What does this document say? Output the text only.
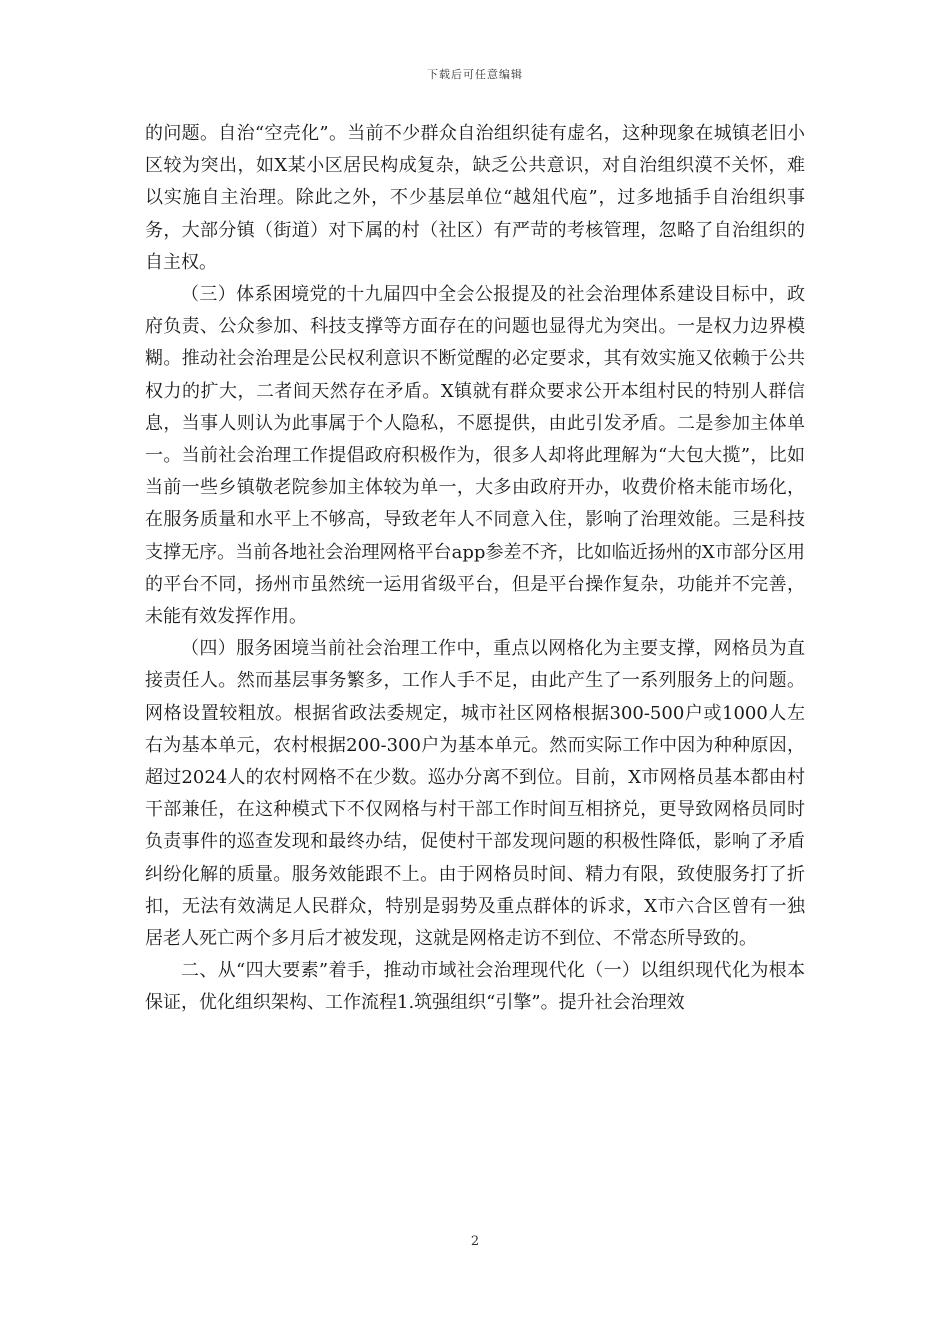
下载后可任意编辑

的问题。自治“空壳化”。当前不少群众自治组织徒有虚名，这种现象在城镇老旧小区较为突出，如X某小区居民构成复杂，缺乏公共意识，对自治组织漠不关怀，难以实施自主治理。除此之外，不少基层单位“越俎代庖”，过多地插手自治组织事务，大部分镇（街道）对下属的村（社区）有严苛的考核管理，忽略了自治组织的自主权。

（三）体系困境党的十九届四中全会公报提及的社会治理体系建设目标中，政府负责、公众参加、科技支撑等方面存在的问题也显得尤为突出。一是权力边界模糊。推动社会治理是公民权利意识不断觉醒的必定要求，其有效实施又依赖于公共权力的扩大，二者间天然存在矛盾。X镇就有群众要求公开本组村民的特别人群信息，当事人则认为此事属于个人隐私，不愿提供，由此引发矛盾。二是参加主体单一。当前社会治理工作提倡政府积极作为，很多人却将此理解为“大包大揽”，比如当前一些乡镇敬老院参加主体较为单一，大多由政府开办，收费价格未能市场化，在服务质量和水平上不够高，导致老年人不同意入住，影响了治理效能。三是科技支撑无序。当前各地社会治理网格平台app参差不齐，比如临近扬州的X市部分区用的平台不同，扬州市虽然统一运用省级平台，但是平台操作复杂，功能并不完善，未能有效发挥作用。

（四）服务困境当前社会治理工作中，重点以网格化为主要支撑，网格员为直接责任人。然而基层事务繁多，工作人手不足，由此产生了一系列服务上的问题。网格设置较粗放。根据省政法委规定，城市社区网格根据300-500户或1000人左右为基本单元，农村根据200-300户为基本单元。然而实际工作中因为种种原因，超过2024人的农村网格不在少数。巡办分离不到位。目前，X市网格员基本都由村干部兼任，在这种模式下不仅网格与村干部工作时间互相挤兑，更导致网格员同时负责事件的巡查发现和最终办结，促使村干部发现问题的积极性降低，影响了矛盾纠纷化解的质量。服务效能跟不上。由于网格员时间、精力有限，致使服务打了折扣，无法有效满足人民群众，特别是弱势及重点群体的诉求，X市六合区曾有一独居老人死亡两个多月后才被发现，这就是网格走访不到位、不常态所导致的。

二、从“四大要素”着手，推动市域社会治理现代化（一）以组织现代化为根本保证，优化组织架构、工作流程1.筑强组织“引擎”。提升社会治理效

2
